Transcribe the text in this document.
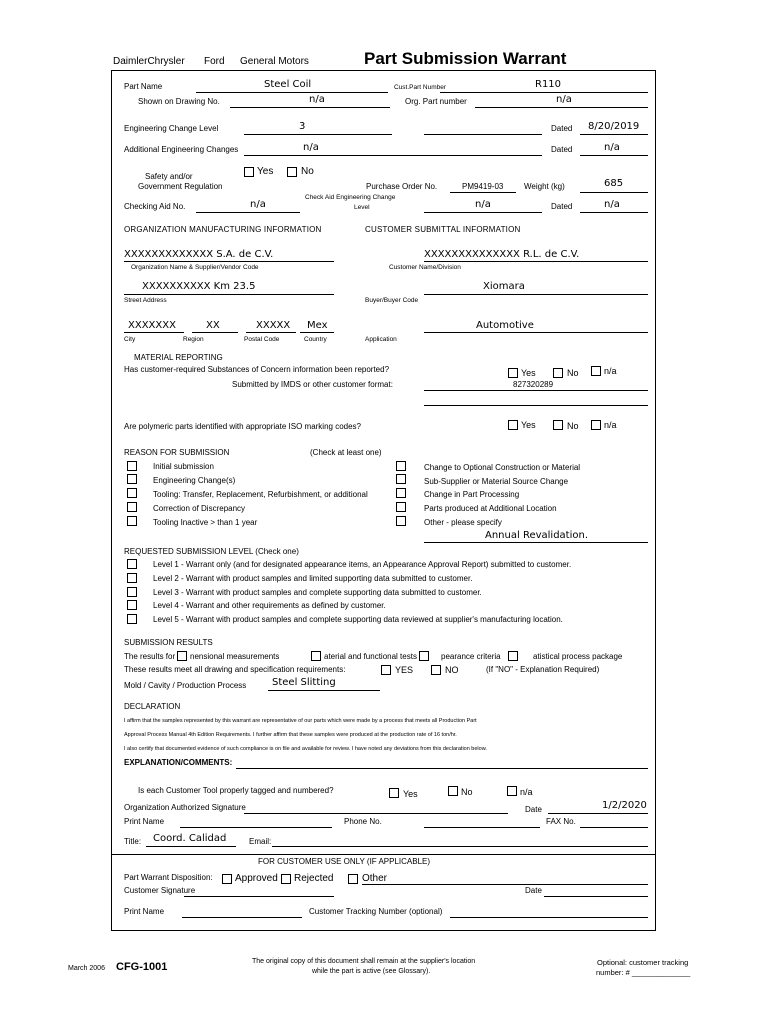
DaimlerChrysler Ford General Motors	Part Submission Warrant
Part Name	Steel Coil	Cust.Part Number	R110
Shown on Drawing No.	n/a	Org. Part number	n/a
Engineering Change Level	3	Dated 8/20/2019
Additional Engineering Changes	n/a	Dated	n/a
Safety and/or
Government Regulation
Yes	No
Purchase Order No.	PM9419-03	Weight (kg)	685
Checking Aid No.	n/a
Check Aid Engineering Change
Level	n/a	Dated	n/a
ORGANIZATION MANUFACTURING INFORMATION	CUSTOMER SUBMITTAL INFORMATION
XXXXXXXXXXXXX S.A. de C.V.
Organization Name & Supplier/Vendor Code
XXXXXXXXXXXXXX R.L. de C.V.
Customer Name/Division
XXXXXXXXXX Km 23.5
Street Address
Xiomara
Buyer/Buyer Code
XXXXXXX	XX	XXXXX Mex
City	Region	Postal Code	Country
Automotive
Application
MATERIAL REPORTING
Has customer-required Substances of Concern information been reported?	Yes	No	n/a
Submitted by IMDS or other customer format:	827320289
Are polymeric parts identified with appropriate ISO marking codes?	Yes	No	n/a
REASON FOR SUBMISSION	(Check at least one)
Initial submission
Engineering Change(s)
Tooling: Transfer, Replacement, Refurbishment, or additional
Correction of Discrepancy
Tooling Inactive > than 1 year
Change to Optional Construction or Material
Sub-Supplier or Material Source Change
Change in Part Processing
Parts produced at Additional Location
Other - please specify
Annual Revalidation.
REQUESTED SUBMISSION LEVEL (Check one)
Level 1 - Warrant only (and for designated appearance items, an Appearance Approval Report) submitted to customer.
Level 2 - Warrant with product samples and limited supporting data submitted to customer.
Level 3 - Warrant with product samples and complete supporting data submitted to customer.
Level 4 - Warrant and other requirements as defined by customer.
Level 5 - Warrant with product samples and complete supporting data reviewed at supplier's manufacturing location.
SUBMISSION RESULTS
The results for nensional measurements	aterial and functional tests	pearance criteria	atistical process package
These results meet all drawing and specification requirements:	YES	NO	(If "NO" - Explanation Required)
Mold / Cavity / Production Process	Steel Slitting
DECLARATION
I affirm that the samples represented by this warrant are representative of our parts which were made by a process that meets all Production Part
Approval Process Manual 4th Edition Requirements. I further affirm that these samples were produced at the production rate of 16 ton/hr.
I also certify that documented evidence of such compliance is on file and available for review. I have noted any deviations from this declaration below.
EXPLANATION/COMMENTS:
Is each Customer Tool properly tagged and numbered?	Yes	No	n/a
Organization Authorized Signature	Date	1/2/2020
Print Name	Phone No.	FAX No.
Title: Coord. Calidad	Email:
FOR CUSTOMER USE ONLY (IF APPLICABLE)
Part Warrant Disposition: Approved Rejected	Other
Customer Signature	Date
Print Name	Customer Tracking Number (optional)
March 2006 CFG-1001	The original copy of this document shall remain at the supplier's location
while the part is active (see Glossary).
Optional: customer tracking
number: # ______________
